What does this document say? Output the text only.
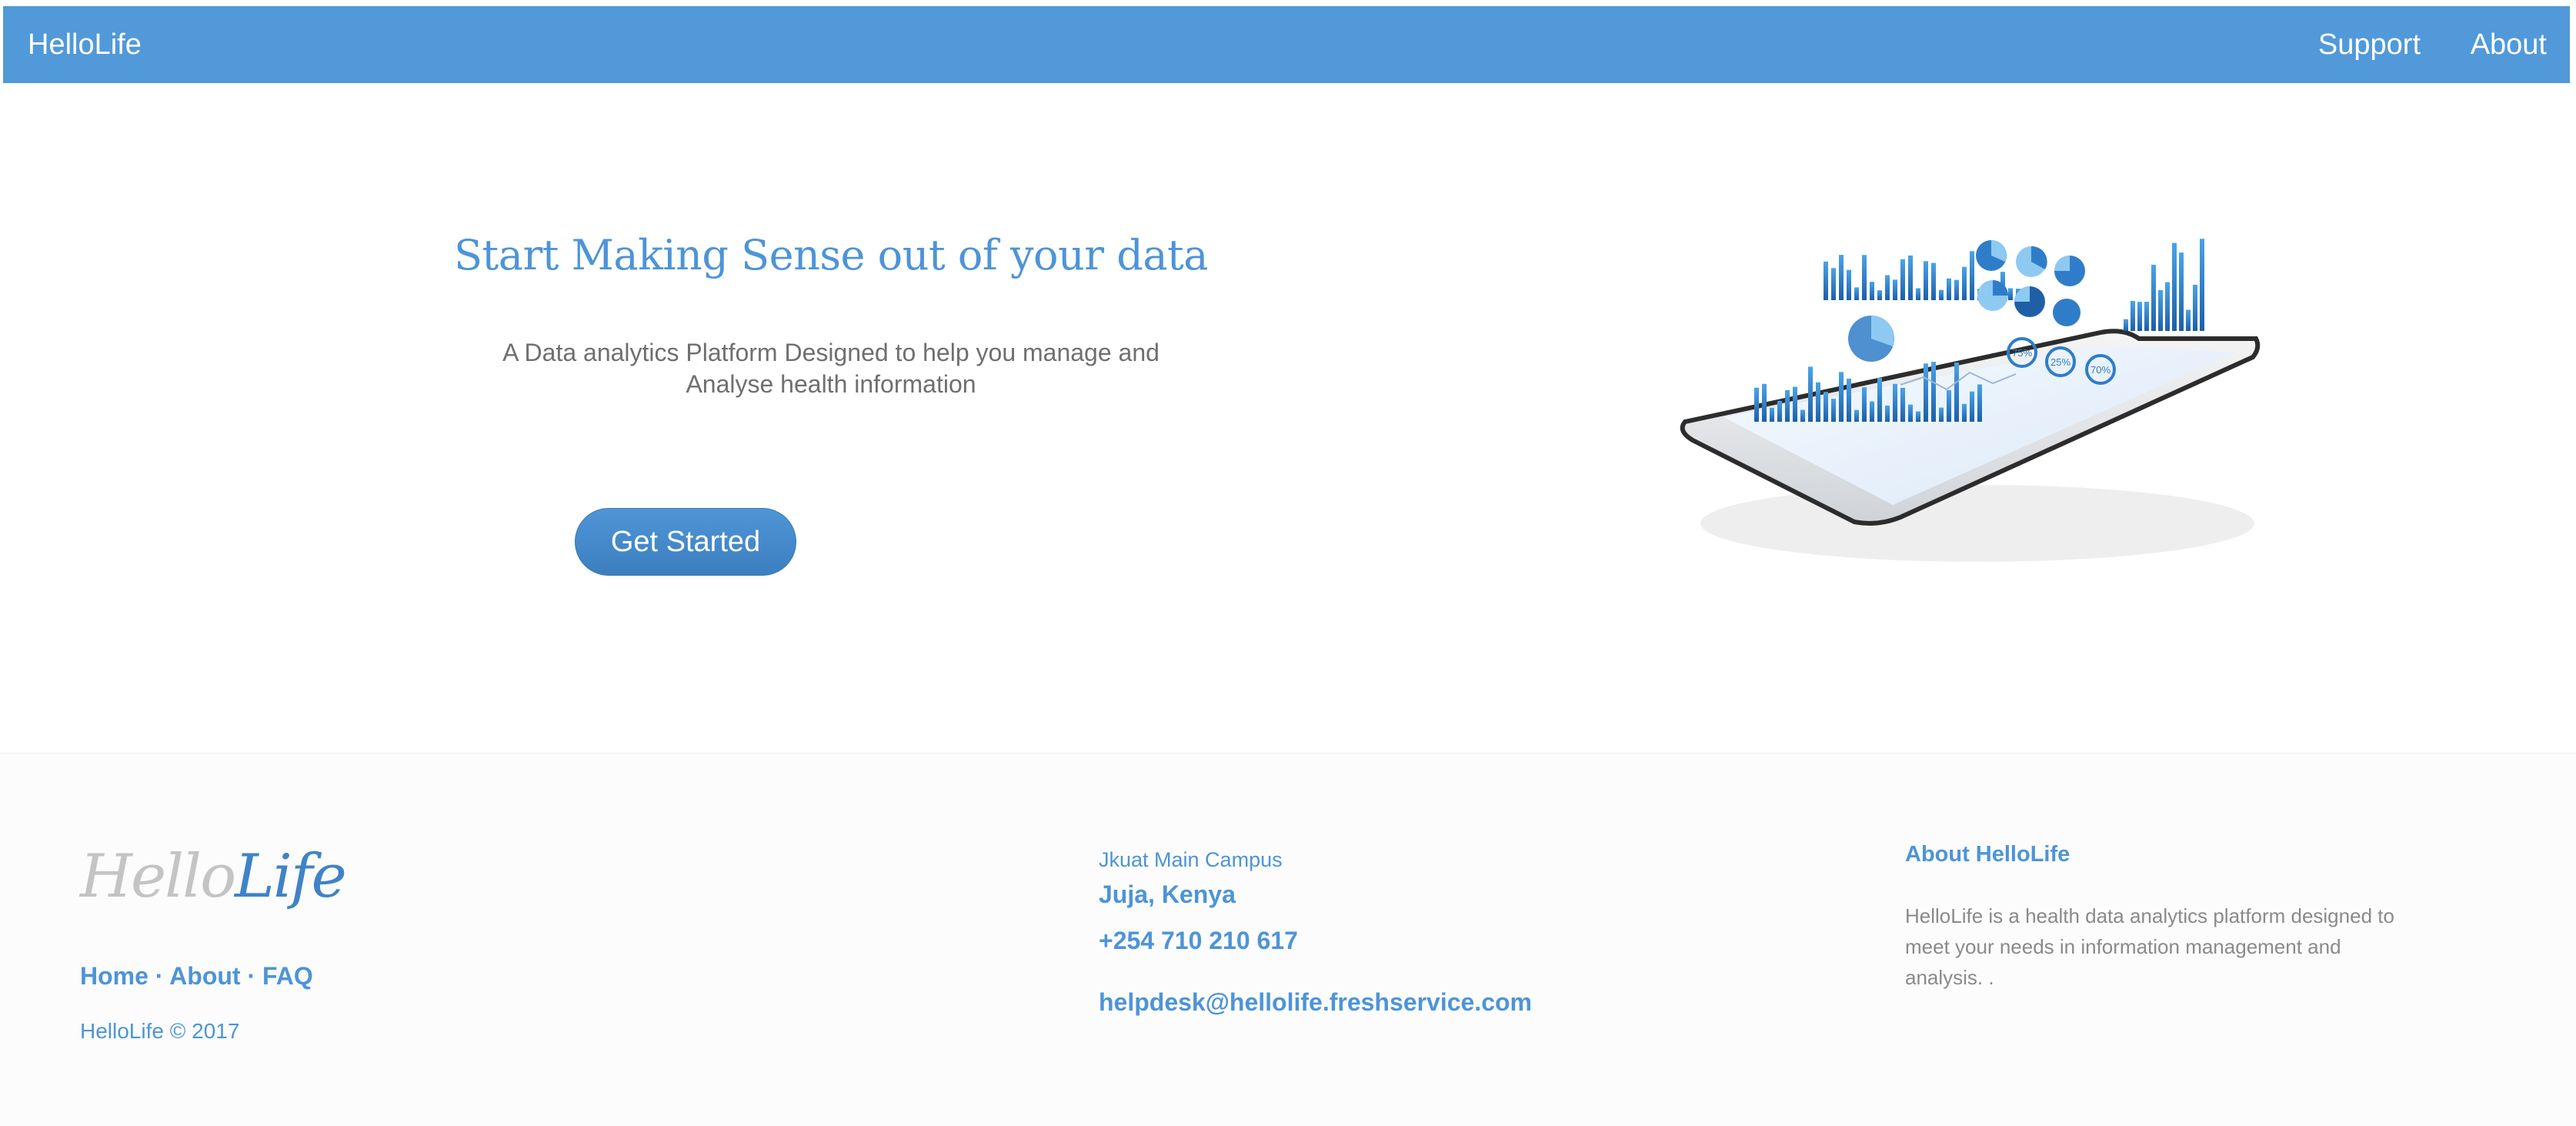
HelloLife	Support About
Start Making Sense out of your data
A Data analytics Platform Designed to help you manage and
Analyse health information
Get Started
75%
25%
70%
HelloLife
Home · About · FAQ
HelloLife © 2017
Jkuat Main Campus
Juja, Kenya
+254 710 210 617
helpdesk@hellolife.freshservice.com
About HelloLife
HelloLife is a health data analytics platform designed to meet your needs in information management and analysis. .
